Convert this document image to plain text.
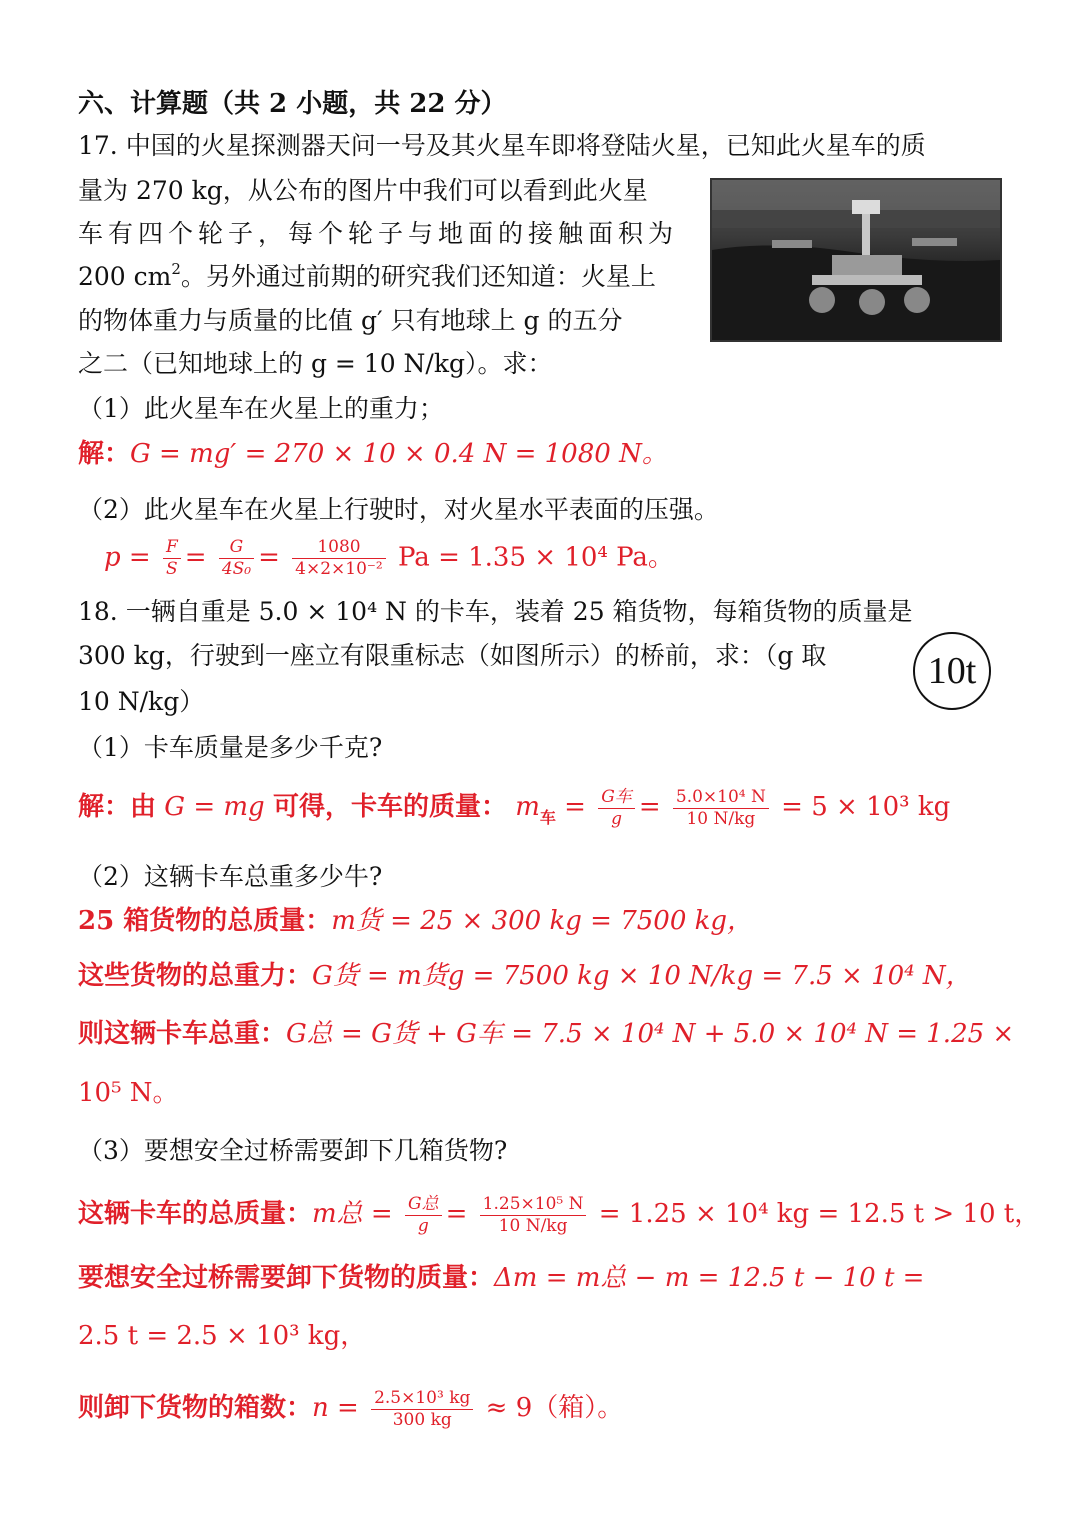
六、计算题（共 2 小题，共 22 分）
17. 中国的火星探测器天问一号及其火星车即将登陆火星，已知此火星车的质
量为 270 kg，从公布的图片中我们可以看到此火星
车有四个轮子，每个轮子与地面的接触面积为
200 $cm^2$。另外通过前期的研究我们还知道：火星上
的物体重力与质量的比值 g′ 只有地球上 g 的五分
之二（已知地球上的 g = 10 N/kg）。求：
（1）此火星车在火星上的重力；
解：G = mg′ = 270 × 10 × 0.4 N = 1080 N。
（2）此火星车在火星上行驶时，对火星水平表面的压强。
$p = \frac{F}{S} = \frac{G}{\text{4S₀}} = \frac{1080}{\text{4×2×10⁻²}}$ Pa = 1.35 × 10⁴ Pa。
18. 一辆自重是 5.0 × 10⁴ N 的卡车，装着 25 箱货物，每箱货物的质量是
300 kg，行驶到一座立有限重标志（如图所示）的桥前，求：（g 取
10 N/kg）
10t
（1）卡车质量是多少千克?
解：由 G = mg 可得，卡车的质量： $m_车 = \frac{\text{G车}}{g} = \frac{\text{5.0×10⁴ N}}{10 N/kg} = 5 \times 10^3$ kg
（2）这辆卡车总重多少牛?
25 箱货物的总质量：m货 = 25 × 300 kg = 7500 kg，
这些货物的总重力：G货 = m货g = 7500 kg × 10 N/kg = 7.5 × 10⁴ N，
则这辆卡车总重：G总 = G货 + G车 = 7.5 × 10⁴ N + 5.0 × 10⁴ N = 1.25 ×
10⁵ N。
（3）要想安全过桥需要卸下几箱货物?
这辆卡车的总质量：m总 = $\frac{\text{G总}}{g} = \frac{\text{1.25×10⁵ N}}{10 N/kg} = 1.25 \times 10^4$ kg = 12.5 t > 10 t，
要想安全过桥需要卸下货物的质量：Δm = m总 − m = 12.5 t − 10 t =
2.5 t = 2.5 × 10³ kg，
则卸下货物的箱数：$n = \frac{\text{2.5×10³ kg}}{300 kg} \approx 9$（箱）。
